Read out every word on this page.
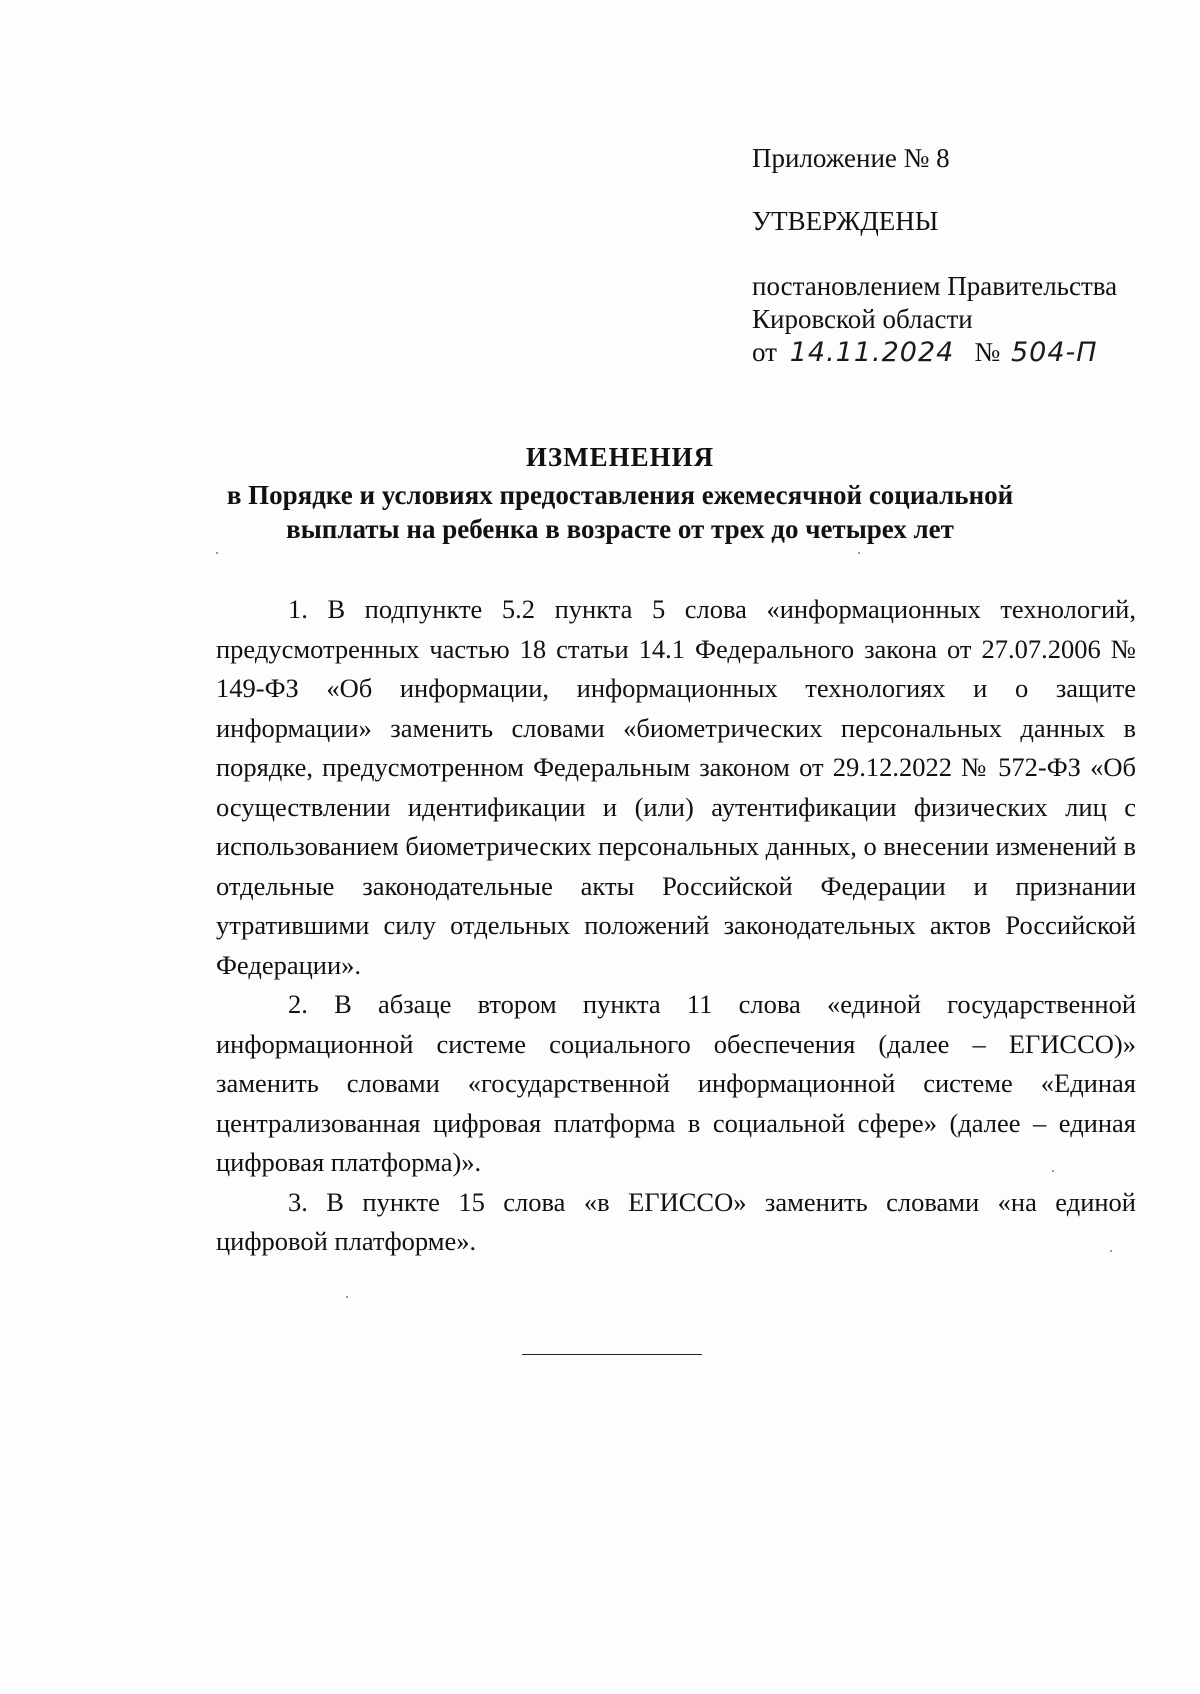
Приложение № 8
УТВЕРЖДЕНЫ
постановлением Правительства
Кировской области
от 14.11.2024 № 504-П
ИЗМЕНЕНИЯ
в Порядке и условиях предоставления ежемесячной социальной
выплаты на ребенка в возрасте от трех до четырех лет

1. В подпункте 5.2 пункта 5 слова «информационных технологий, предусмотренных частью 18 статьи 14.1 Федерального закона от 27.07.2006 № 149-ФЗ «Об информации, информационных технологиях и о защите информации» заменить словами «биометрических персональных данных в порядке, предусмотренном Федеральным законом от 29.12.2022 № 572-ФЗ «Об осуществлении идентификации и (или) аутентификации физических лиц с использованием биометрических персональных данных, о внесении изменений в отдельные законодательные акты Российской Федерации и признании утратившими силу отдельных положений законодательных актов Российской Федерации».

2. В абзаце втором пункта 11 слова «единой государственной информационной системе социального обеспечения (далее – ЕГИССО)» заменить словами «государственной информационной системе «Единая централизованная цифровая платформа в социальной сфере» (далее – единая цифровая платформа)».

3. В пункте 15 слова «в ЕГИССО» заменить словами «на единой цифровой платформе».
